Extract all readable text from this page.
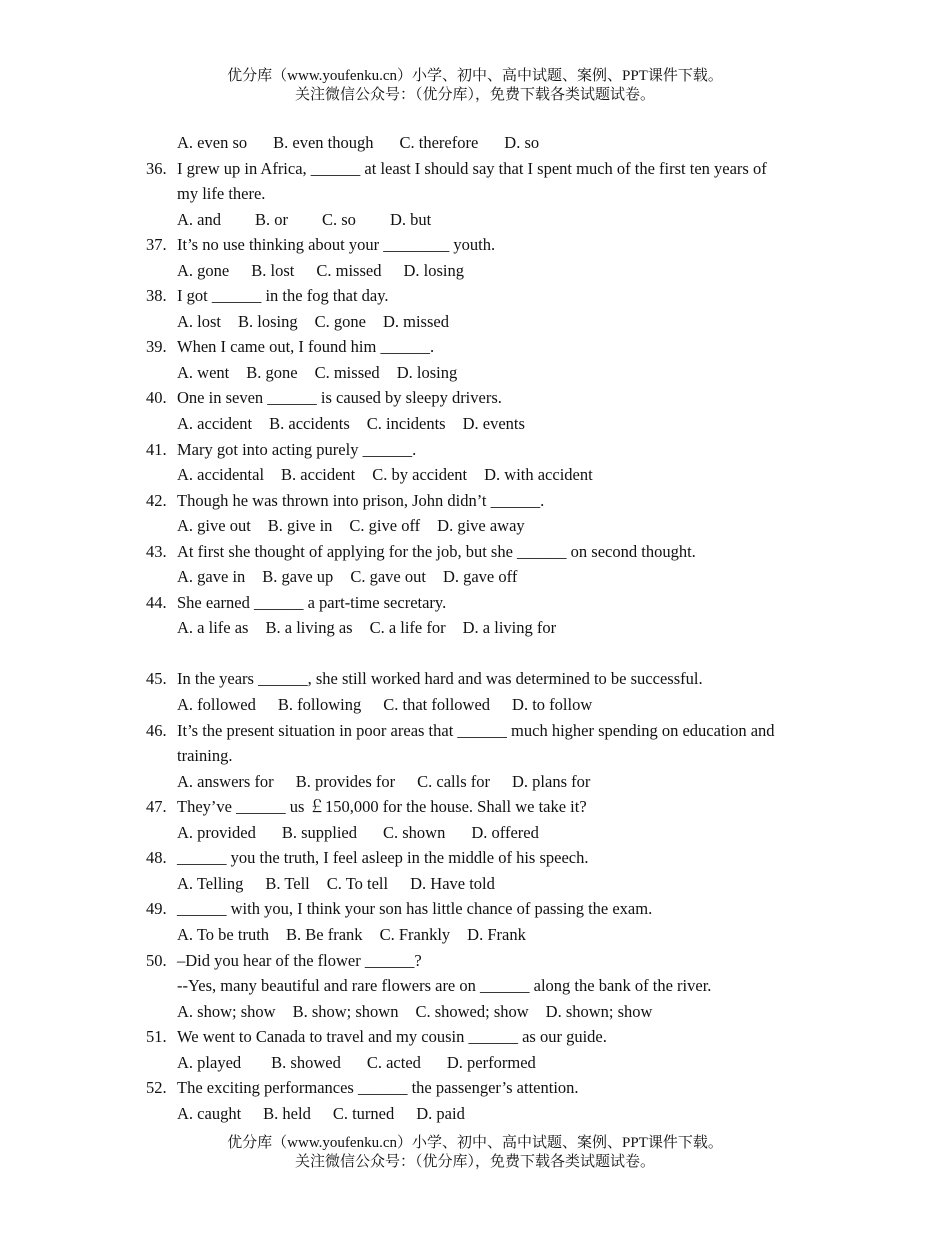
优分库（www.youfenku.cn）小学、初中、高中试题、案例、PPT课件下载。
关注微信公众号：（优分库），免费下载各类试题试卷。
A. even so B. even though C. therefore D. so
36. I grew up in Africa, ______ at least I should say that I spent much of the first ten years of
my life there.
A. and B. or C. so D. but
37. It’s no use thinking about your ________ youth.
A. gone B. lost C. missed D. losing
38. I got ______ in the fog that day.
A. lost B. losing C. gone D. missed
39. When I came out, I found him ______.
A. went B. gone C. missed D. losing
40. One in seven ______ is caused by sleepy drivers.
A. accident B. accidents C. incidents D. events
41. Mary got into acting purely ______.
A. accidental B. accident C. by accident D. with accident
42. Though he was thrown into prison, John didn’t ______.
A. give out B. give in C. give off D. give away
43. At first she thought of applying for the job, but she ______ on second thought.
A. gave in B. gave up C. gave out D. gave off
44. She earned ______ a part-time secretary.
A. a life as B. a living as C. a life for D. a living for
45. In the years ______, she still worked hard and was determined to be successful.
A. followed B. following C. that followed D. to follow
46. It’s the present situation in poor areas that ______ much higher spending on education and
training.
A. answers for B. provides for C. calls for D. plans for
47. They’ve ______ us ￡150,000 for the house. Shall we take it?
A. provided B. supplied C. shown D. offered
48. ______ you the truth, I feel asleep in the middle of his speech.
A. Telling B. Tell C. To tell D. Have told
49. ______ with you, I think your son has little chance of passing the exam.
A. To be truth B. Be frank C. Frankly D. Frank
50. –Did you hear of the flower ______?
--Yes, many beautiful and rare flowers are on ______ along the bank of the river.
A. show; show B. show; shown C. showed; show D. shown; show
51. We went to Canada to travel and my cousin ______ as our guide.
A. played B. showed C. acted D. performed
52. The exciting performances ______ the passenger’s attention.
A. caught B. held C. turned D. paid
优分库（www.youfenku.cn）小学、初中、高中试题、案例、PPT课件下载。
关注微信公众号：（优分库），免费下载各类试题试卷。
